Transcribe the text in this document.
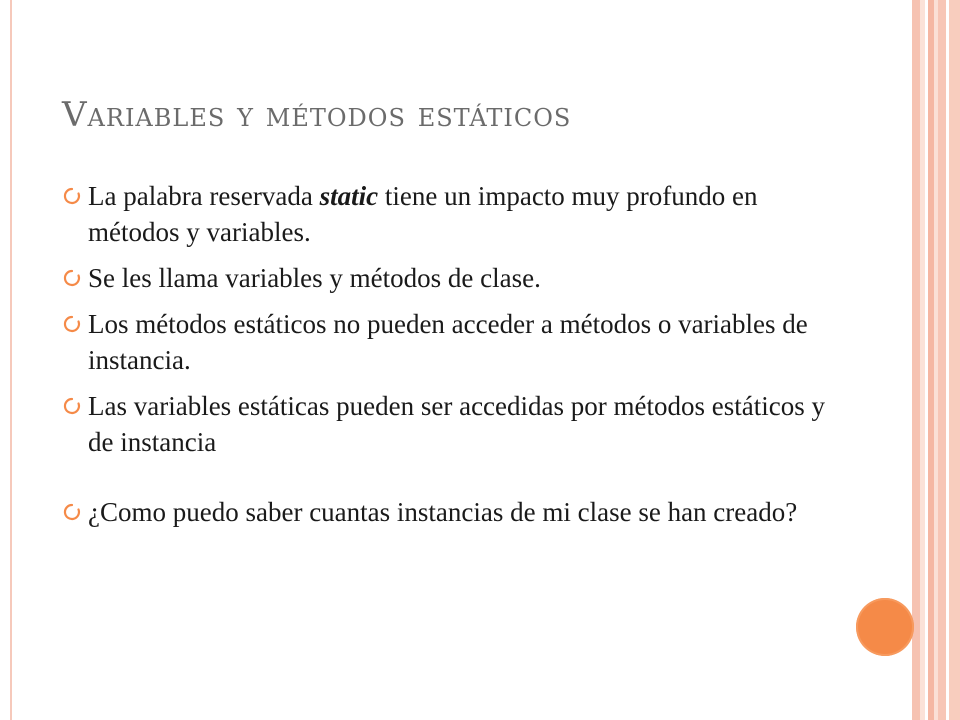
Variables y métodos estáticos
La palabra reservada static tiene un impacto muy profundo en métodos y variables.
Se les llama variables y métodos de clase.
Los métodos estáticos no pueden acceder a métodos o variables de instancia.
Las variables estáticas pueden ser accedidas por métodos estáticos y de instancia
¿Como puedo saber cuantas instancias de mi clase se han creado?
